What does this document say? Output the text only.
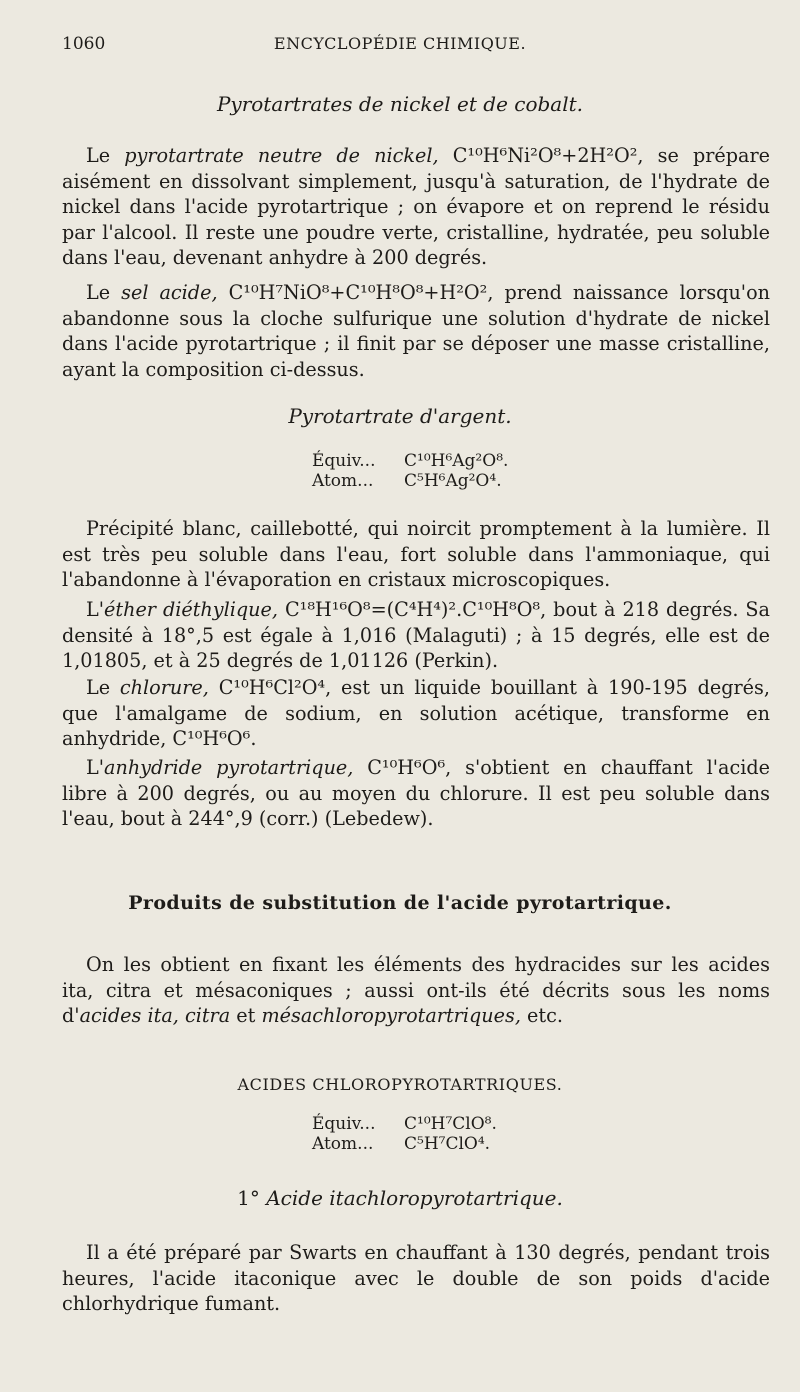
1060	ENCYCLOPÉDIE CHIMIQUE.
Pyrotartrates de nickel et de cobalt.

Le pyrotartrate neutre de nickel, C¹⁰H⁶Ni²O⁸+2H²O², se prépare aisément en dissolvant simplement, jusqu'à saturation, de l'hydrate de nickel dans l'acide pyrotartrique ; on évapore et on reprend le résidu par l'alcool. Il reste une poudre verte, cristalline, hydratée, peu soluble dans l'eau, devenant anhydre à 200 degrés.

Le sel acide, C¹⁰H⁷NiO⁸+C¹⁰H⁸O⁸+H²O², prend naissance lorsqu'on abandonne sous la cloche sulfurique une solution d'hydrate de nickel dans l'acide pyrotartrique ; il finit par se déposer une masse cristalline, ayant la composition ci-dessus.

Pyrotartrate d'argent.
Équiv... C¹⁰H⁶Ag²O⁸.
Atom... C⁵H⁶Ag²O⁴.

Précipité blanc, caillebotté, qui noircit promptement à la lumière. Il est très peu soluble dans l'eau, fort soluble dans l'ammoniaque, qui l'abandonne à l'évaporation en cristaux microscopiques.

L'éther diéthylique, C¹⁸H¹⁶O⁸=(C⁴H⁴)².C¹⁰H⁸O⁸, bout à 218 degrés. Sa densité à 18°,5 est égale à 1,016 (Malaguti) ; à 15 degrés, elle est de 1,01805, et à 25 degrés de 1,01126 (Perkin).

Le chlorure, C¹⁰H⁶Cl²O⁴, est un liquide bouillant à 190-195 degrés, que l'amalgame de sodium, en solution acétique, transforme en anhydride, C¹⁰H⁶O⁶.

L'anhydride pyrotartrique, C¹⁰H⁶O⁶, s'obtient en chauffant l'acide libre à 200 degrés, ou au moyen du chlorure. Il est peu soluble dans l'eau, bout à 244°,9 (corr.) (Lebedew).

Produits de substitution de l'acide pyrotartrique.

On les obtient en fixant les éléments des hydracides sur les acides ita, citra et mésaconiques ; aussi ont-ils été décrits sous les noms d'acides ita, citra et mésachloropyrotartriques, etc.

ACIDES CHLOROPYROTARTRIQUES.
Équiv... C¹⁰H⁷ClO⁸.
Atom... C⁵H⁷ClO⁴.
1° Acide itachloropyrotartrique.

Il a été préparé par Swarts en chauffant à 130 degrés, pendant trois heures, l'acide itaconique avec le double de son poids d'acide chlorhydrique fumant.
